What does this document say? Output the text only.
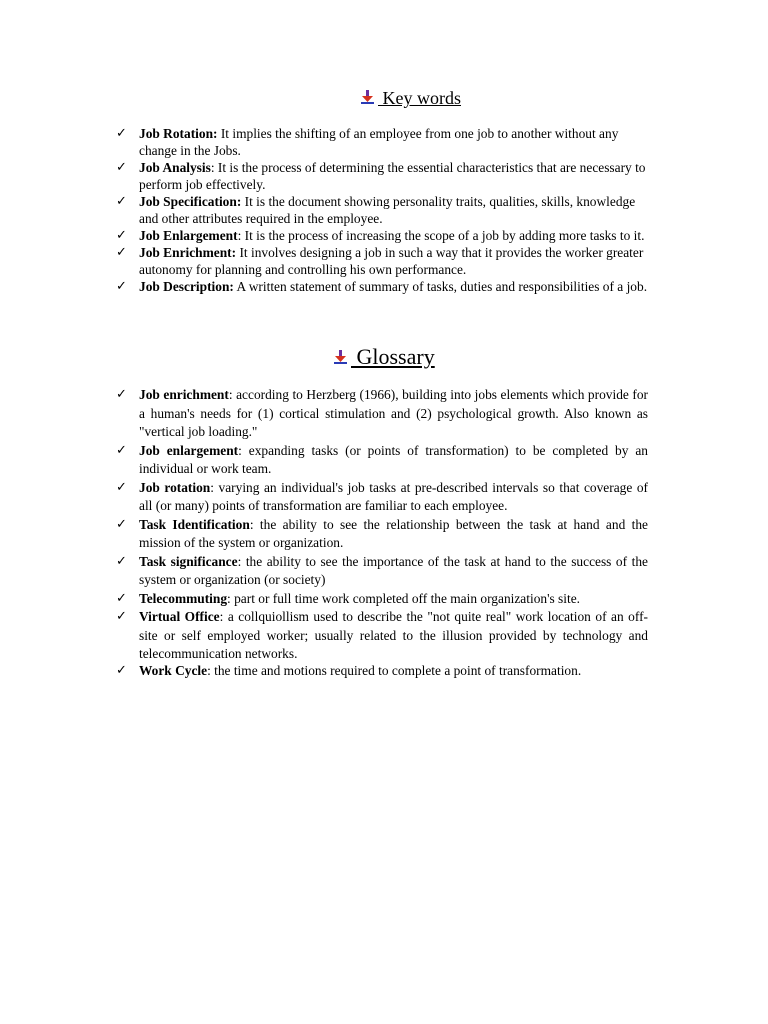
Key words
✓ Job Rotation: It implies the shifting of an employee from one job to another without any change in the Jobs.
✓ Job Analysis: It is the process of determining the essential characteristics that are necessary to perform job effectively.
✓ Job Specification: It is the document showing personality traits, qualities, skills, knowledge and other attributes required in the employee.
✓ Job Enlargement: It is the process of increasing the scope of a job by adding more tasks to it.
✓ Job Enrichment: It involves designing a job in such a way that it provides the worker greater autonomy for planning and controlling his own performance.
✓ Job Description: A written statement of summary of tasks, duties and responsibilities of a job.
Glossary
✓ Job enrichment: according to Herzberg (1966), building into jobs elements which provide for a human's needs for (1) cortical stimulation and (2) psychological growth. Also known as "vertical job loading."
✓ Job enlargement: expanding tasks (or points of transformation) to be completed by an individual or work team.
✓ Job rotation: varying an individual's job tasks at pre-described intervals so that coverage of all (or many) points of transformation are familiar to each employee.
✓ Task Identification: the ability to see the relationship between the task at hand and the mission of the system or organization.
✓ Task significance: the ability to see the importance of the task at hand to the success of the system or organization (or society)
✓ Telecommuting: part or full time work completed off the main organization's site.
✓ Virtual Office: a collquiollism used to describe the "not quite real" work location of an off-site or self employed worker; usually related to the illusion provided by technology and telecommunication networks.
✓ Work Cycle: the time and motions required to complete a point of transformation.
